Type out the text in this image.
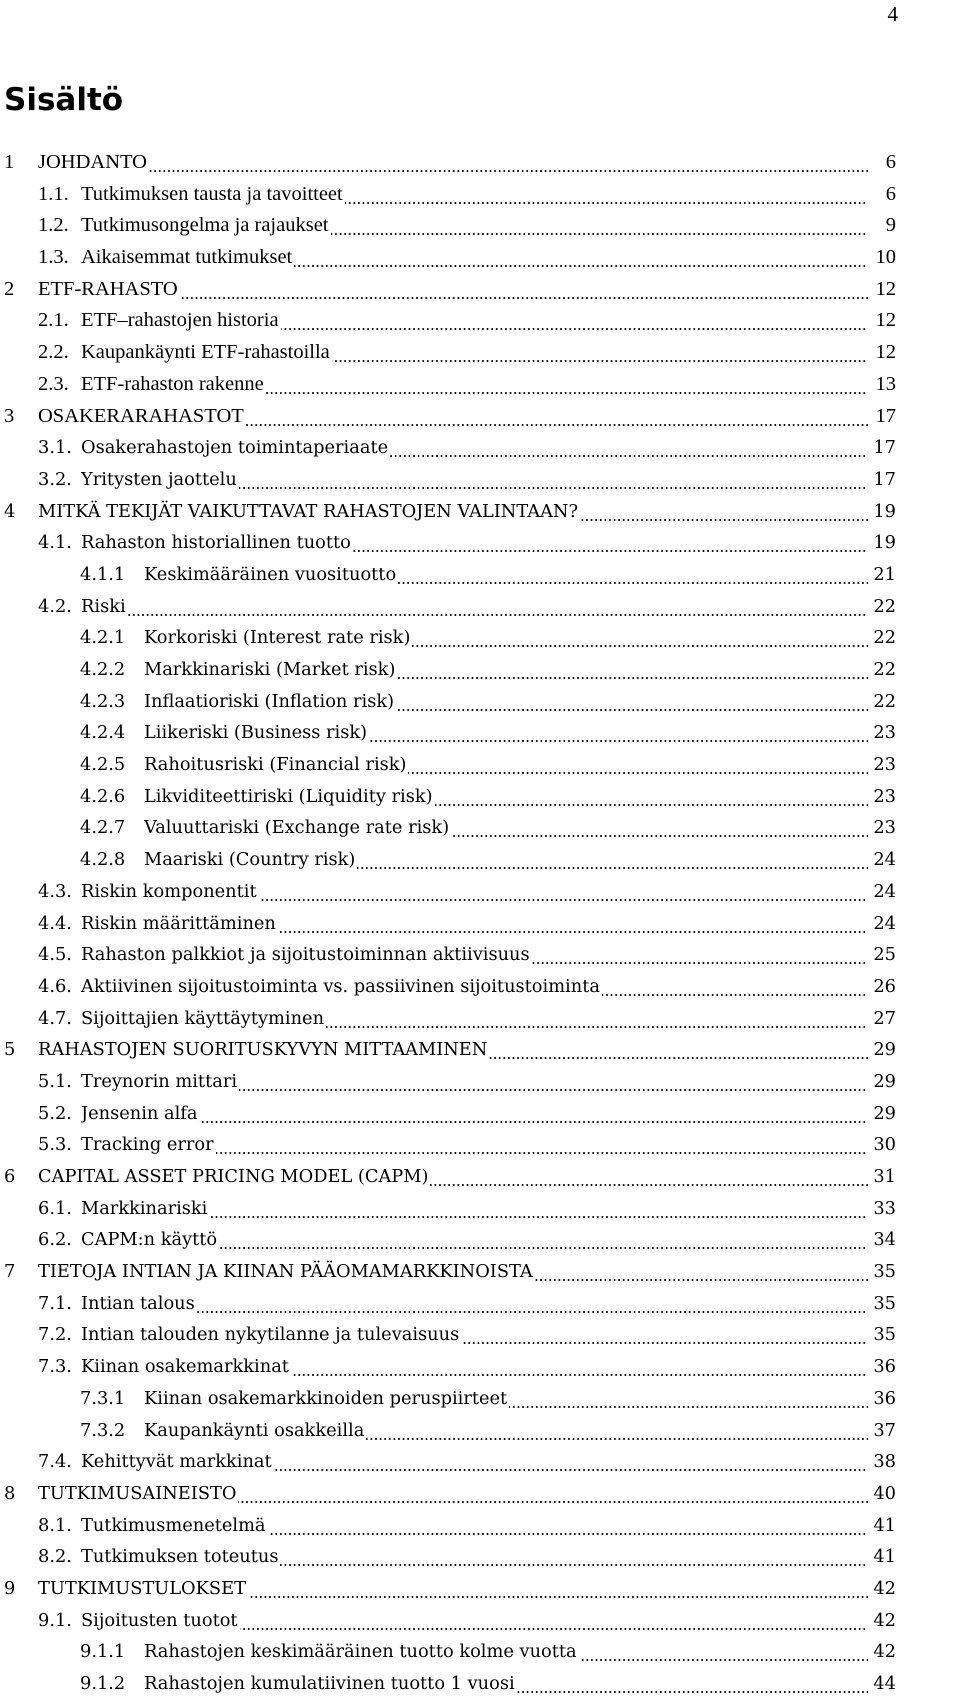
4
Sisältö
1 JOHDANTO	6
1.1. Tutkimuksen tausta ja tavoitteet	6
1.2. Tutkimusongelma ja rajaukset	9
1.3. Aikaisemmat tutkimukset	10
2 ETF-RAHASTO	12
2.1. ETF–rahastojen historia	12
2.2. Kaupankäynti ETF-rahastoilla	12
2.3. ETF-rahaston rakenne	13
3 OSAKERARAHASTOT	17
3.1. Osakerahastojen toimintaperiaate	17
3.2. Yritysten jaottelu	17
4 MITKÄ TEKIJÄT VAIKUTTAVAT RAHASTOJEN VALINTAAN?	19
4.1. Rahaston historiallinen tuotto	19
4.1.1 Keskimääräinen vuosituotto	21
4.2. Riski	22
4.2.1 Korkoriski (Interest rate risk)	22
4.2.2 Markkinariski (Market risk)	22
4.2.3 Inflaatioriski (Inflation risk)	22
4.2.4 Liikeriski (Business risk)	23
4.2.5 Rahoitusriski (Financial risk)	23
4.2.6 Likviditeettiriski (Liquidity risk)	23
4.2.7 Valuuttariski (Exchange rate risk)	23
4.2.8 Maariski (Country risk)	24
4.3. Riskin komponentit	24
4.4. Riskin määrittäminen	24
4.5. Rahaston palkkiot ja sijoitustoiminnan aktiivisuus	25
4.6. Aktiivinen sijoitustoiminta vs. passiivinen sijoitustoiminta	26
4.7. Sijoittajien käyttäytyminen	27
5 RAHASTOJEN SUORITUSKYVYN MITTAAMINEN	29
5.1. Treynorin mittari	29
5.2. Jensenin alfa	29
5.3. Tracking error	30
6 CAPITAL ASSET PRICING MODEL (CAPM)	31
6.1. Markkinariski	33
6.2. CAPM:n käyttö	34
7 TIETOJA INTIAN JA KIINAN PÄÄOMAMARKKINOISTA	35
7.1. Intian talous	35
7.2. Intian talouden nykytilanne ja tulevaisuus	35
7.3. Kiinan osakemarkkinat	36
7.3.1 Kiinan osakemarkkinoiden peruspiirteet	36
7.3.2 Kaupankäynti osakkeilla	37
7.4. Kehittyvät markkinat	38
8 TUTKIMUSAINEISTO	40
8.1. Tutkimusmenetelmä	41
8.2. Tutkimuksen toteutus	41
9 TUTKIMUSTULOKSET	42
9.1. Sijoitusten tuotot	42
9.1.1 Rahastojen keskimääräinen tuotto kolme vuotta	42
9.1.2 Rahastojen kumulatiivinen tuotto 1 vuosi	44
